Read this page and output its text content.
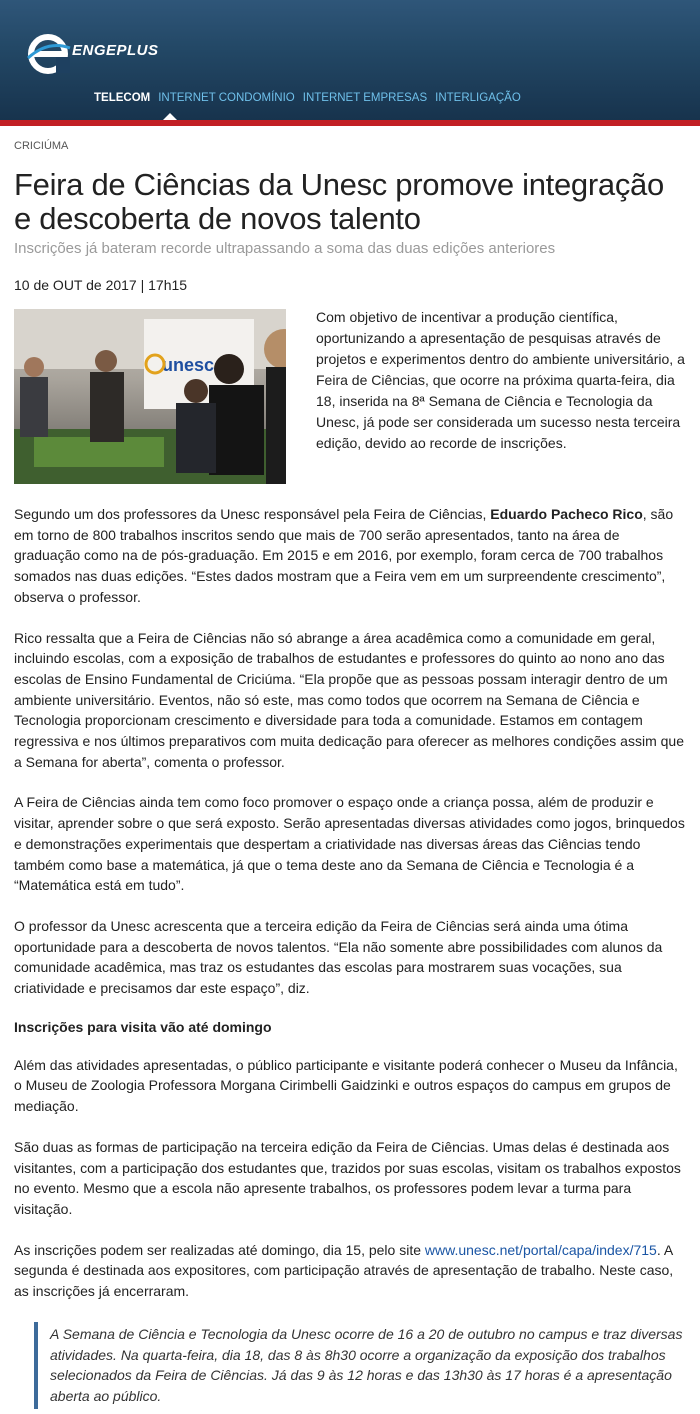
ENGEPLUS
TELECOM INTERNET CONDOMÍNIO INTERNET EMPRESAS INTERLIGAÇÃO
CRICIÚMA
Feira de Ciências da Unesc promove integração e descoberta de novos talento
Inscrições já bateram recorde ultrapassando a soma das duas edições anteriores
10 de OUT de 2017 | 17h15
unesc

Com objetivo de incentivar a produção científica, oportunizando a apresentação de pesquisas através de projetos e experimentos dentro do ambiente universitário, a Feira de Ciências, que ocorre na próxima quarta-feira, dia 18, inserida na 8ª Semana de Ciência e Tecnologia da Unesc, já pode ser considerada um sucesso nesta terceira edição, devido ao recorde de inscrições.

Segundo um dos professores da Unesc responsável pela Feira de Ciências, Eduardo Pacheco Rico, são em torno de 800 trabalhos inscritos sendo que mais de 700 serão apresentados, tanto na área de graduação como na de pós-graduação. Em 2015 e em 2016, por exemplo, foram cerca de 700 trabalhos somados nas duas edições. “Estes dados mostram que a Feira vem em um surpreendente crescimento”, observa o professor.

Rico ressalta que a Feira de Ciências não só abrange a área acadêmica como a comunidade em geral, incluindo escolas, com a exposição de trabalhos de estudantes e professores do quinto ao nono ano das escolas de Ensino Fundamental de Criciúma. “Ela propõe que as pessoas possam interagir dentro de um ambiente universitário. Eventos, não só este, mas como todos que ocorrem na Semana de Ciência e Tecnologia proporcionam crescimento e diversidade para toda a comunidade. Estamos em contagem regressiva e nos últimos preparativos com muita dedicação para oferecer as melhores condições assim que a Semana for aberta”, comenta o professor.

A Feira de Ciências ainda tem como foco promover o espaço onde a criança possa, além de produzir e visitar, aprender sobre o que será exposto. Serão apresentadas diversas atividades como jogos, brinquedos e demonstrações experimentais que despertam a criatividade nas diversas áreas das Ciências tendo também como base a matemática, já que o tema deste ano da Semana de Ciência e Tecnologia é a “Matemática está em tudo”.

O professor da Unesc acrescenta que a terceira edição da Feira de Ciências será ainda uma ótima oportunidade para a descoberta de novos talentos. “Ela não somente abre possibilidades com alunos da comunidade acadêmica, mas traz os estudantes das escolas para mostrarem suas vocações, sua criatividade e precisamos dar este espaço”, diz.

Inscrições para visita vão até domingo

Além das atividades apresentadas, o público participante e visitante poderá conhecer o Museu da Infância, o Museu de Zoologia Professora Morgana Cirimbelli Gaidzinki e outros espaços do campus em grupos de mediação.

São duas as formas de participação na terceira edição da Feira de Ciências. Umas delas é destinada aos visitantes, com a participação dos estudantes que, trazidos por suas escolas, visitam os trabalhos expostos no evento. Mesmo que a escola não apresente trabalhos, os professores podem levar a turma para visitação.

As inscrições podem ser realizadas até domingo, dia 15, pelo site www.unesc.net/portal/capa/index/715. A segunda é destinada aos expositores, com participação através de apresentação de trabalho. Neste caso, as inscrições já encerraram.

A Semana de Ciência e Tecnologia da Unesc ocorre de 16 a 20 de outubro no campus e traz diversas atividades. Na quarta-feira, dia 18, das 8 às 8h30 ocorre a organização da exposição dos trabalhos selecionados da Feira de Ciências. Já das 9 às 12 horas e das 13h30 às 17 horas é a apresentação aberta ao público.
